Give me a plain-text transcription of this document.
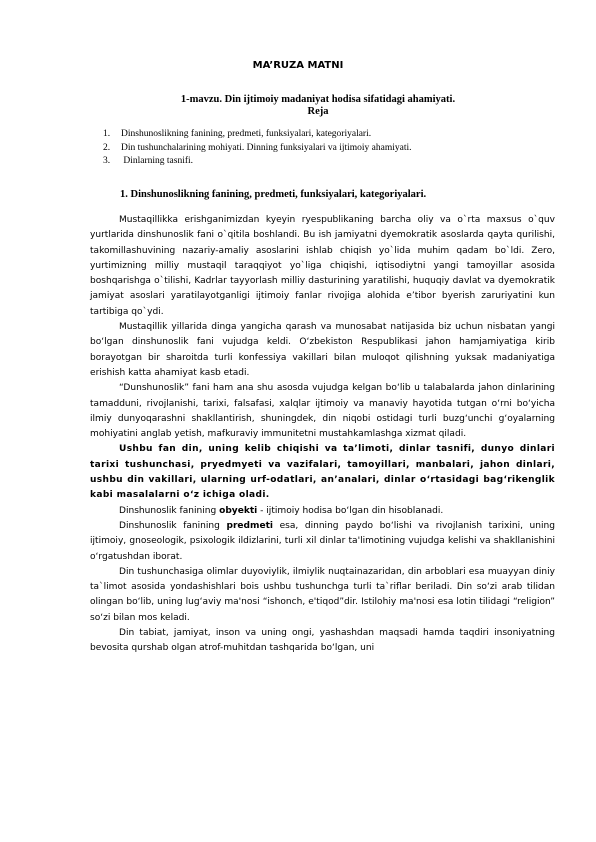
MA’RUZA MATNI
1-mavzu. Din ijtimoiy madaniyat hodisa sifatidagi ahamiyati.
Reja
1. Dinshunoslikning fanining, predmeti, funksiyalari, kategoriyalari.
2. Din tushunchalarining mohiyati. Dinning funksiyalari va ijtimoiy ahamiyati.
3. Dinlarning tasnifi.
1. Dinshunoslikning fanining, predmeti, funksiyalari, kategoriyalari.

Mustaqillikka erishganimizdan kyeyin ryespublikaning barcha oliy va o`rta maxsus o`quv yurtlarida dinshunoslik fani o`qitila boshlandi. Bu ish jamiyatni dyemokratik asoslarda qayta qurilishi, takomillashuvining nazariy-amaliy asoslarini ishlab chiqish yo`lida muhim qadam bo`ldi. Zero, yurtimizning milliy mustaqil taraqqiyot yo`liga chiqishi, iqtisodiytni yangi tamoyillar asosida boshqarishga o`tilishi, Kadrlar tayyorlash milliy dasturining yaratilishi, huquqiy davlat va dyemokratik jamiyat asoslari yaratilayotganligi ijtimoiy fanlar rivojiga alohida e’tibor byerish zaruriyatini kun tartibiga qo`ydi.

Mustaqillik yillarida dinga yangicha qarash va munosabat natijasida biz uchun nisbatan yangi bo‘lgan dinshunoslik fani vujudga keldi. O‘zbekiston Respublikasi jahon hamjamiyatiga kirib borayotgan bir sharoitda turli konfessiya vakillari bilan muloqot qilishning yuksak madaniyatiga erishish katta ahamiyat kasb etadi.

“Dunshunoslik” fani ham ana shu asosda vujudga kelgan bo‘lib u talabalarda jahon dinlarining tamadduni, rivojlanishi, tarixi, falsafasi, xalqlar ijtimoiy va manaviy hayotida tutgan o‘rni bo‘yicha ilmiy dunyoqarashni shakllantirish, shuningdek, din niqobi ostidagi turli buzg‘unchi g‘oyalarning mohiyatini anglab yetish, mafkuraviy immunitetni mustahkamlashga xizmat qiladi.

Ushbu fan din, uning kelib chiqishi va ta’limoti, dinlar tasnifi, dunyo dinlari tarixi tushunchasi, pryedmyeti va vazifalari, tamoyillari, manbalari, jahon dinlari, ushbu din vakillari, ularning urf-odatlari, an’analari, dinlar o‘rtasidagi bag‘rikenglik kabi masalalarni o‘z ichiga oladi.

Dinshunoslik fanining obyekti - ijtimoiy hodisa bo‘lgan din hisoblanadi.

Dinshunoslik fanining predmeti esa, dinning paydo bo‘lishi va rivojlanish tarixini, uning ijtimoiy, gnoseologik, psixologik ildizlarini, turli xil dinlar ta'limotining vujudga kelishi va shakllanishini o‘rgatushdan iborat.

Din tushunchasiga olimlar duyoviylik, ilmiylik nuqtainazaridan, din arboblari esa muayyan diniy ta`limot asosida yondashishlari bois ushbu tushunchga turli ta`riflar beriladi. Din so‘zi arab tilidan olingan bo‘lib, uning lug‘aviy ma'nosi “ishonch, e'tiqod”dir. Istilohiy ma'nosi esa lotin tilidagi “religion” so‘zi bilan mos keladi.

Din tabiat, jamiyat, inson va uning ongi, yashashdan maqsadi hamda taqdiri insoniyatning bevosita qurshab olgan atrof-muhitdan tashqarida bo‘lgan, uni
